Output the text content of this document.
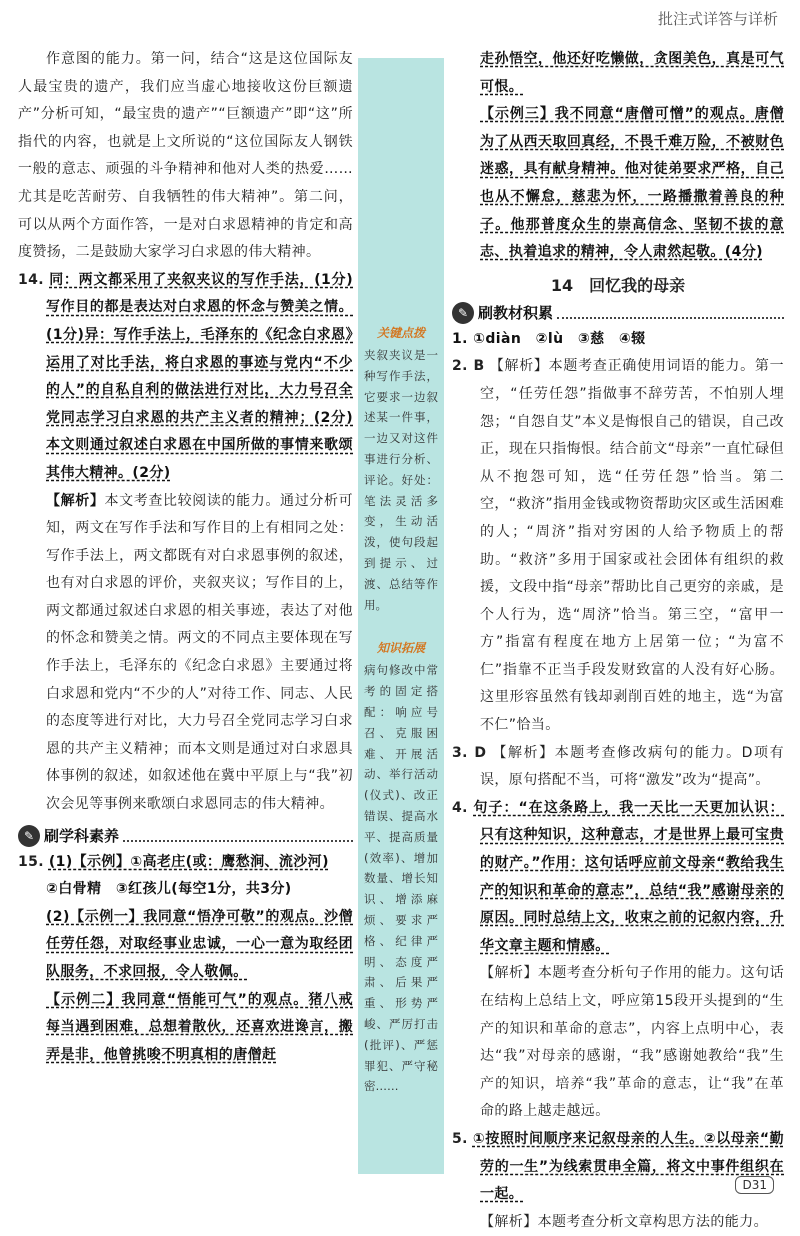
批注式详答与详析

作意图的能力。第一问，结合“这是这位国际友人最宝贵的遗产，我们应当虚心地接收这份巨额遗产”分析可知，“最宝贵的遗产”“巨额遗产”即“这”所指代的内容，也就是上文所说的“这位国际友人钢铁一般的意志、顽强的斗争精神和他对人类的热爱……尤其是吃苦耐劳、自我牺牲的伟大精神”。第二问，可以从两个方面作答，一是对白求恩精神的肯定和高度赞扬，二是鼓励大家学习白求恩的伟大精神。

14. 同：两文都采用了夹叙夹议的写作手法，(1分)写作目的都是表达对白求恩的怀念与赞美之情。(1分)异：写作手法上，毛泽东的《纪念白求恩》运用了对比手法，将白求恩的事迹与党内“不少的人”的自私自利的做法进行对比，大力号召全党同志学习白求恩的共产主义者的精神；(2分)本文则通过叙述白求恩在中国所做的事情来歌颂其伟大精神。(2分)

【解析】本文考查比较阅读的能力。通过分析可知，两文在写作手法和写作目的上有相同之处：写作手法上，两文都既有对白求恩事例的叙述，也有对白求恩的评价，夹叙夹议；写作目的上，两文都通过叙述白求恩的相关事迹，表达了对他的怀念和赞美之情。两文的不同点主要体现在写作手法上，毛泽东的《纪念白求恩》主要通过将白求恩和党内“不少的人”对待工作、同志、人民的态度等进行对比，大力号召全党同志学习白求恩的共产主义精神；而本文则是通过对白求恩具体事例的叙述，如叙述他在冀中平原上与“我”初次会见等事例来歌颂白求恩同志的伟大精神。

✎ 刷学科素养

15. (1)【示例】①高老庄(或：鹰愁涧、流沙河)

②白骨精　③红孩儿(每空1分，共3分)

(2)【示例一】我同意“悟净可敬”的观点。沙僧任劳任怨，对取经事业忠诚，一心一意为取经团队服务，不求回报，令人敬佩。

【示例二】我同意“悟能可气”的观点。猪八戒每当遇到困难，总想着散伙，还喜欢进谗言，搬弄是非，他曾挑唆不明真相的唐僧赶

关键点拨
夹叙夹议是一种写作手法，它要求一边叙述某一件事，一边又对这件事进行分析、评论。好处：笔法灵活多变，生动活泼，使句段起到提示、过渡、总结等作用。
知识拓展
病句修改中常考的固定搭配：响应号召、克服困难、开展活动、举行活动(仪式)、改正错误、提高水平、提高质量(效率)、增加数量、增长知识、增添麻烦、要求严格、纪律严明、态度严肃、后果严重、形势严峻、严厉打击(批评)、严惩罪犯、严守秘密……

走孙悟空，他还好吃懒做，贪图美色，真是可气可恨。

【示例三】我不同意“唐僧可憎”的观点。唐僧为了从西天取回真经，不畏千难万险，不被财色迷惑，具有献身精神。他对徒弟要求严格，自己也从不懈怠，慈悲为怀，一路播撒着善良的种子。他那普度众生的崇高信念、坚韧不拔的意志、执着追求的精神，令人肃然起敬。(4分)

14　回忆我的母亲
✎ 刷教材积累

1. ①diàn　②lù　③慈　④辍

2. B 【解析】本题考查正确使用词语的能力。第一空，“任劳任怨”指做事不辞劳苦，不怕别人埋怨；“自怨自艾”本义是悔恨自己的错误，自己改正，现在只指悔恨。结合前文“母亲”一直忙碌但从不抱怨可知，选“任劳任怨”恰当。第二空，“救济”指用金钱或物资帮助灾区或生活困难的人；“周济”指对穷困的人给予物质上的帮助。“救济”多用于国家或社会团体有组织的救援，文段中指“母亲”帮助比自己更穷的亲戚，是个人行为，选“周济”恰当。第三空，“富甲一方”指富有程度在地方上居第一位；“为富不仁”指靠不正当手段发财致富的人没有好心肠。这里形容虽然有钱却剥削百姓的地主，选“为富不仁”恰当。

3. D 【解析】本题考查修改病句的能力。D项有误，原句搭配不当，可将“激发”改为“提高”。

4. 句子：“在这条路上，我一天比一天更加认识：只有这种知识，这种意志，才是世界上最可宝贵的财产。”作用：这句话呼应前文母亲“教给我生产的知识和革命的意志”，总结“我”感谢母亲的原因。同时总结上文，收束之前的记叙内容，升华文章主题和情感。

【解析】本题考查分析句子作用的能力。这句话在结构上总结上文，呼应第15段开头提到的“生产的知识和革命的意志”，内容上点明中心，表达“我”对母亲的感谢，“我”感谢她教给“我”生产的知识，培养“我”革命的意志，让“我”在革命的路上越走越远。

5. ①按照时间顺序来记叙母亲的人生。②以母亲“勤劳的一生”为线索贯串全篇，将文中事件组织在一起。

【解析】本题考查分析文章构思方法的能力。

D31
